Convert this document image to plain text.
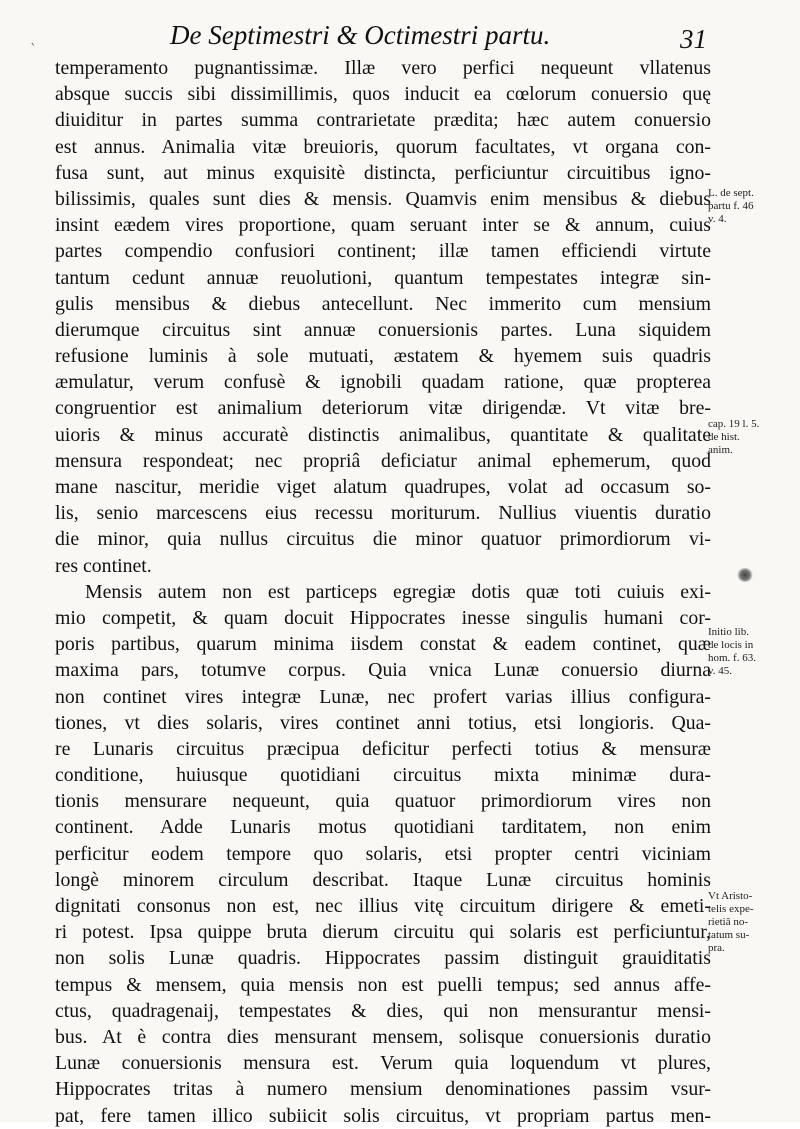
ˋ	De Septimestri & Octimestri partu.	31
temperamento pugnantissimæ. Illæ vero perfici nequeunt vllatenus
absque succis sibi dissimillimis, quos inducit ea cœlorum conuersio quę
diuiditur in partes summa contrarietate prædita; hæc autem conuersio
est annus. Animalia vitæ breuioris, quorum facultates, vt organa con-
fusa sunt, aut minus exquisitè distincta, perficiuntur circuitibus igno-
bilissimis, quales sunt dies & mensis. Quamvis enim mensibus & diebus
insint eædem vires proportione, quam seruant inter se & annum, cuius
partes compendio confusiori continent; illæ tamen efficiendi virtute
tantum cedunt annuæ reuolutioni, quantum tempestates integræ sin-
gulis mensibus & diebus antecellunt. Nec immerito cum mensium
dierumque circuitus sint annuæ conuersionis partes. Luna siquidem
refusione luminis à sole mutuati, æstatem & hyemem suis quadris
æmulatur, verum confusè & ignobili quadam ratione, quæ propterea
congruentior est animalium deteriorum vitæ dirigendæ. Vt vitæ bre-
uioris & minus accuratè distinctis animalibus, quantitate & qualitate
mensura respondeat; nec propriâ deficiatur animal ephemerum, quod
mane nascitur, meridie viget alatum quadrupes, volat ad occasum so-
lis, senio marcescens eius recessu moriturum. Nullius viuentis duratio
die minor, quia nullus circuitus die minor quatuor primordiorum vi-
res continet.
Mensis autem non est particeps egregiæ dotis quæ toti cuiuis exi-
mio competit, & quam docuit Hippocrates inesse singulis humani cor-
poris partibus, quarum minima iisdem constat & eadem continet, quæ
maxima pars, totumve corpus. Quia vnica Lunæ conuersio diurna
non continet vires integræ Lunæ, nec profert varias illius configura-
tiones, vt dies solaris, vires continet anni totius, etsi longioris. Qua-
re Lunaris circuitus præcipua deficitur perfecti totius & mensuræ
conditione, huiusque quotidiani circuitus mixta minimæ dura-
tionis mensurare nequeunt, quia quatuor primordiorum vires non
continent. Adde Lunaris motus quotidiani tarditatem, non enim
perficitur eodem tempore quo solaris, etsi propter centri viciniam
longè minorem circulum describat. Itaque Lunæ circuitus hominis
dignitati consonus non est, nec illius vitę circuitum dirigere & emeti-
ri potest. Ipsa quippe bruta dierum circuitu qui solaris est perficiuntur,
non solis Lunæ quadris. Hippocrates passim distinguit grauiditatis
tempus & mensem, quia mensis non est puelli tempus; sed annus affe-
ctus, quadragenaij, tempestates & dies, qui non mensurantur mensi-
bus. At è contra dies mensurant mensem, solisque conuersionis duratio
Lunæ conuersionis mensura est. Verum quia loquendum vt plures,
Hippocrates tritas à numero mensium denominationes passim vsur-
pat, fere tamen illico subiicit solis circuitus, vt propriam partus men-
L. de sept.
partu f. 46
v. 4.
cap. 19 l. 5.
de hist.
anim.
Initio lib.
de locis in
hom. f. 63.
v. 45.
Vt Aristo-
telis expe-
rietiâ no-
tatum su-
pra.
